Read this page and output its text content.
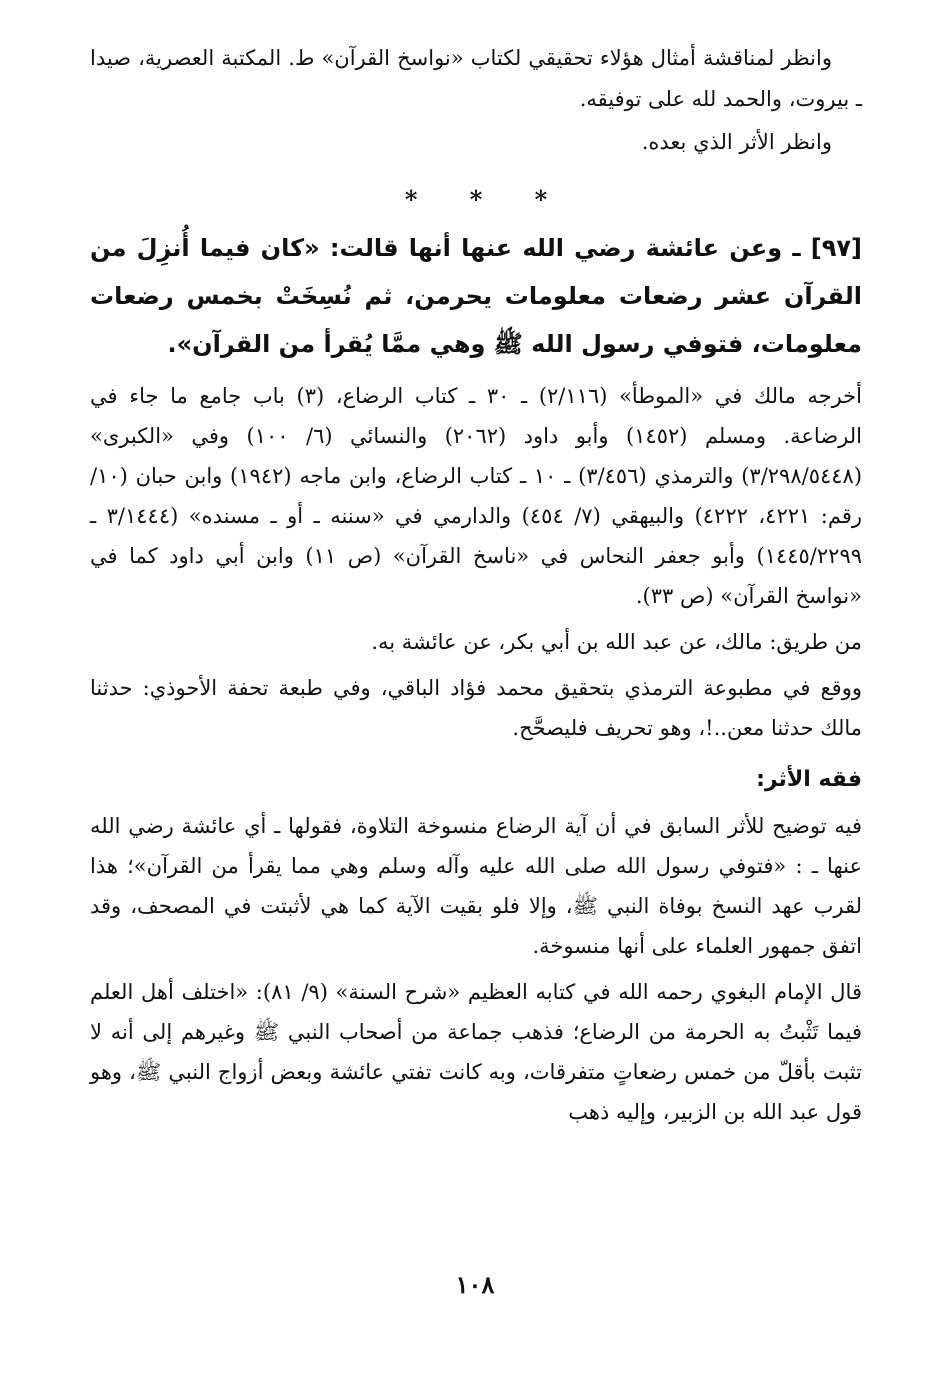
وانظر لمناقشة أمثال هؤلاء تحقيقي لكتاب «نواسخ القرآن» ط. المكتبة العصرية، صيدا ـ بيروت، والحمد لله على توفيقه.

وانظر الأثر الذي بعده.

* * *

[٩٧] ـ وعن عائشة رضي الله عنها أنها قالت: «كان فيما أُنزِلَ من القرآن عشر رضعات معلومات يحرمن، ثم نُسِخَتْ بخمس رضعات معلومات، فتوفي رسول الله ﷺ وهي ممَّا يُقرأ من القرآن».

أخرجه مالك في «الموطأ» (٢/١١٦) ـ ٣٠ ـ كتاب الرضاع، (٣) باب جامع ما جاء في الرضاعة. ومسلم (١٤٥٢) وأبو داود (٢٠٦٢) والنسائي (٦/ ١٠٠) وفي «الكبرى» (٣/٢٩٨/٥٤٤٨) والترمذي (٣/٤٥٦) ـ ١٠ ـ كتاب الرضاع، وابن ماجه (١٩٤٢) وابن حبان (١٠/رقم: ٤٢٢١، ٤٢٢٢) والبيهقي (٧/ ٤٥٤) والدارمي في «سننه ـ أو ـ مسنده» (٣/١٤٤٤ ـ ١٤٤٥/٢٢٩٩) وأبو جعفر النحاس في «ناسخ القرآن» (ص ١١) وابن أبي داود كما في «نواسخ القرآن» (ص ٣٣).

من طريق: مالك، عن عبد الله بن أبي بكر، عن عائشة به.

ووقع في مطبوعة الترمذي بتحقيق محمد فؤاد الباقي، وفي طبعة تحفة الأحوذي: حدثنا مالك حدثنا معن..!، وهو تحريف فليصحَّح.

فقه الأثر:

فيه توضيح للأثر السابق في أن آية الرضاع منسوخة التلاوة، فقولها ـ أي عائشة رضي الله عنها ـ : «فتوفي رسول الله صلى الله عليه وآله وسلم وهي مما يقرأ من القرآن»؛ هذا لقرب عهد النسخ بوفاة النبي ﷺ، وإلا فلو بقيت الآية كما هي لأثبتت في المصحف، وقد اتفق جمهور العلماء على أنها منسوخة.

قال الإمام البغوي رحمه الله في كتابه العظيم «شرح السنة» (٩/ ٨١): «اختلف أهل العلم فيما تَثْبتُ به الحرمة من الرضاع؛ فذهب جماعة من أصحاب النبي ﷺ وغيرهم إلى أنه لا تثبت بأقلّ من خمس رضعاتٍ متفرقات، وبه كانت تفتي عائشة وبعض أزواج النبي ﷺ، وهو قول عبد الله بن الزبير، وإليه ذهب

١٠٨
